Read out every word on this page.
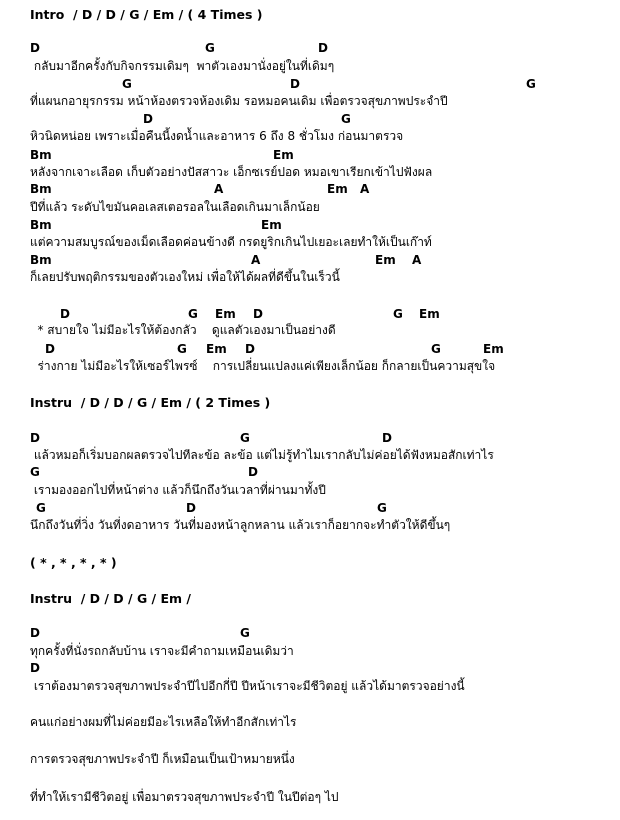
Intro  / D / D / G / Em / ( 4 Times )
D	G	D
กลับมาอีกครั้งกับกิจกรรมเดิมๆ  พาตัวเองมานั่งอยู่ในที่เดิมๆ
G	D	G
ที่แผนกอายุรกรรม หน้าห้องตรวจห้องเดิม รอหมอคนเดิม เพื่อตรวจสุขภาพประจำปี
D	G
หิวนิดหน่อย เพราะเมื่อคืนนี้งดน้ำและอาหาร 6 ถึง 8 ชั่วโมง ก่อนมาตรวจ
Bm	Em
หลังจากเจาะเลือด เก็บตัวอย่างปัสสาวะ เอ็กซเรย์ปอด หมอเขาเรียกเข้าไปฟังผล
Bm	A	Em A
ปีที่แล้ว ระดับไขมันคอเลสเตอรอลในเลือดเกินมาเล็กน้อย
Bm	Em
แต่ความสมบูรณ์ของเม็ดเลือดค่อนข้างดี กรดยูริกเกินไปเยอะเลยทำให้เป็นเก๊าท์
Bm	A	Em A
ก็เลยปรับพฤติกรรมของตัวเองใหม่ เพื่อให้ได้ผลที่ดีขึ้นในเร็วนี้
D	G Em D	G Em
* สบายใจ ไม่มีอะไรให้ต้องกลัว    ดูแลตัวเองมาเป็นอย่างดี
D	G Em D	G	Em
ร่างกาย ไม่มีอะไรให้เซอร์ไพรซ์    การเปลี่ยนแปลงแค่เพียงเล็กน้อย ก็กลายเป็นความสุขใจ
Instru  / D / D / G / Em / ( 2 Times )
D	G	D
แล้วหมอก็เริ่มบอกผลตรวจไปทีละข้อ ละข้อ แต่ไม่รู้ทำไมเรากลับไม่ค่อยได้ฟังหมอสักเท่าไร
G	D
เรามองออกไปที่หน้าต่าง แล้วก็นึกถึงวันเวลาที่ผ่านมาทั้งปี
G	D	G
นึกถึงวันที่วิ่ง วันที่งดอาหาร วันที่มองหน้าลูกหลาน แล้วเราก็อยากจะทำตัวให้ดีขึ้นๆ
( * , * , * , * )
Instru  / D / D / G / Em /
D	G
ทุกครั้งที่นั่งรถกลับบ้าน เราจะมีคำถามเหมือนเดิมว่า
D
เราต้องมาตรวจสุขภาพประจำปีไปอีกกี่ปี ปีหน้าเราจะมีชีวิตอยู่ แล้วได้มาตรวจอย่างนี้
คนแก่อย่างผมที่ไม่ค่อยมีอะไรเหลือให้ทำอีกสักเท่าไร
การตรวจสุขภาพประจำปี ก็เหมือนเป็นเป้าหมายหนึ่ง
ที่ทำให้เรามีชีวิตอยู่ เพื่อมาตรวจสุขภาพประจำปี ในปีต่อๆ ไป
